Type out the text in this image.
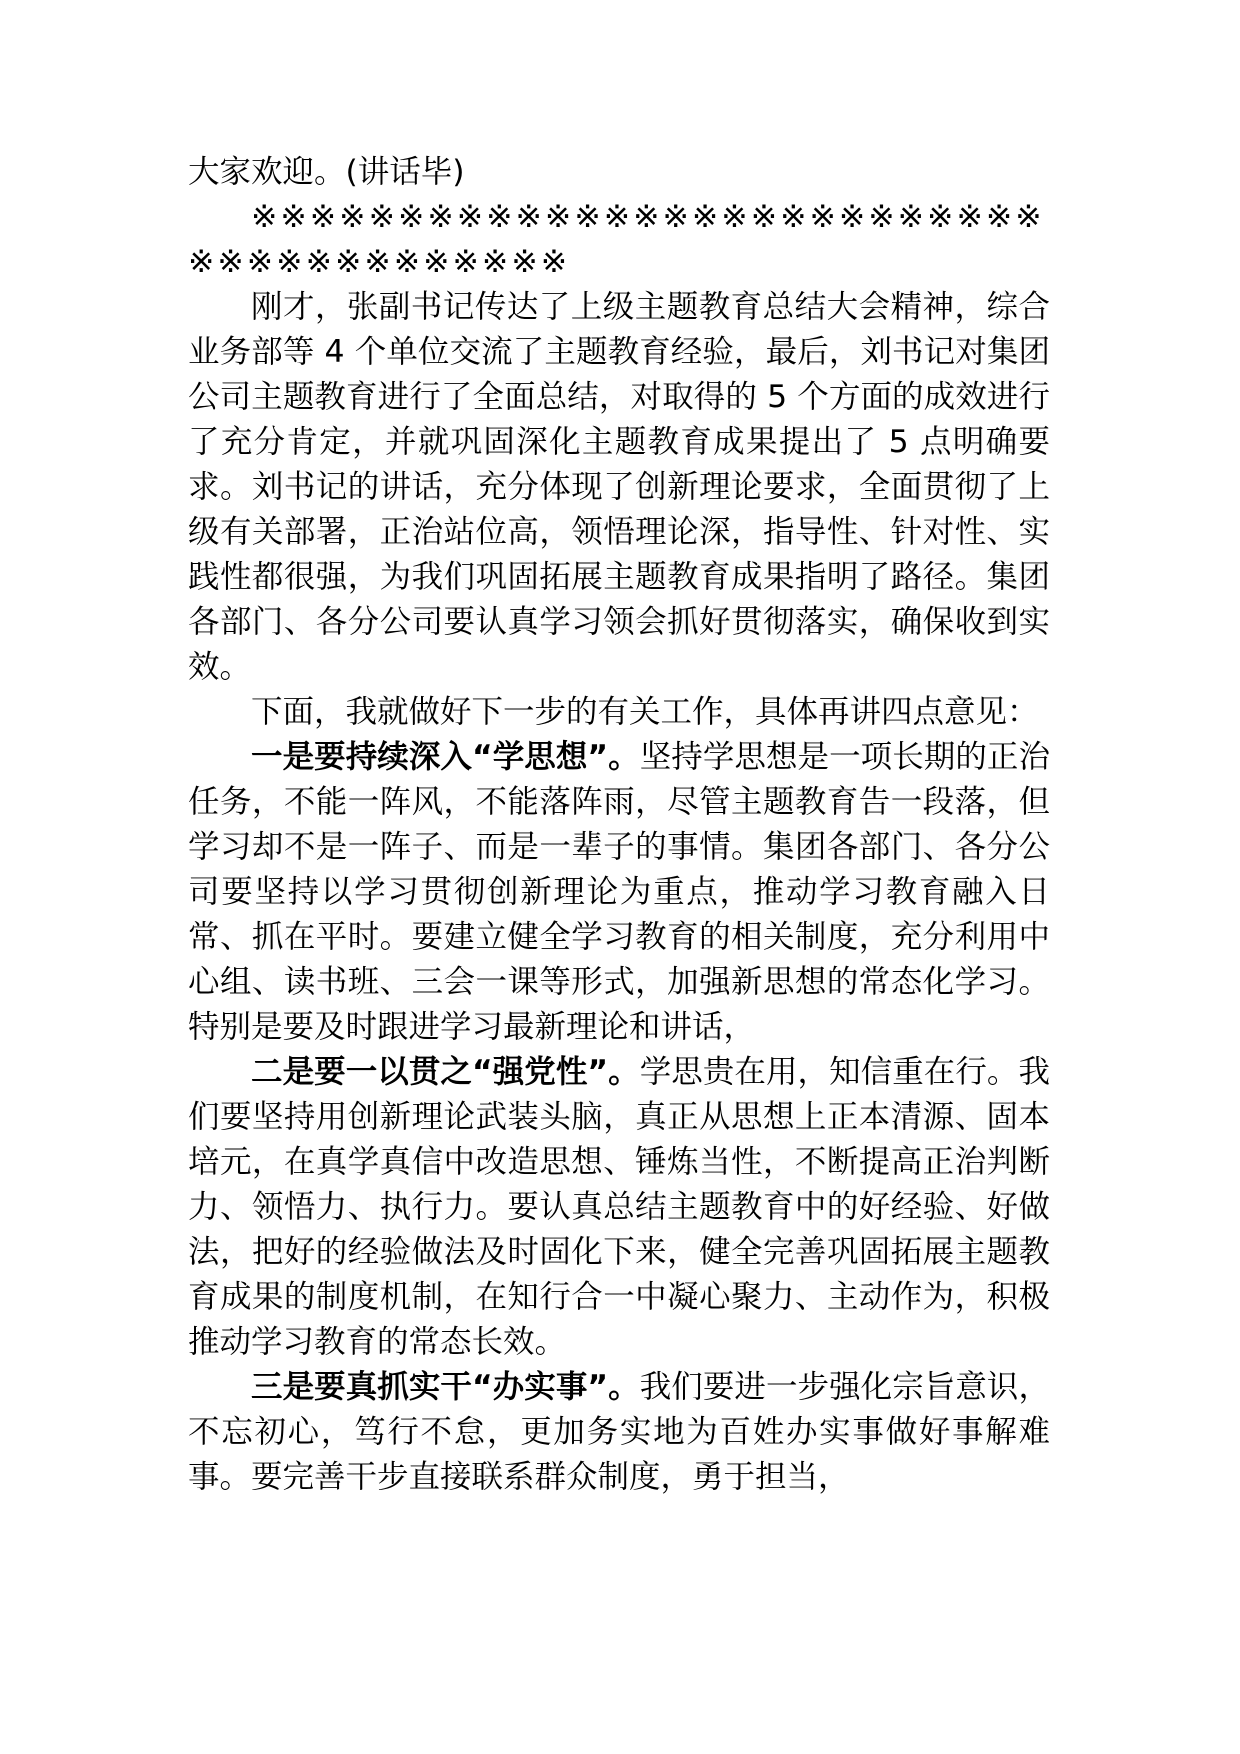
大家欢迎。(讲话毕)

※※※※※※※※※※※※※※※※※※※※※※※※※※※※※※※※※※※※※※※※

刚才，张副书记传达了上级主题教育总结大会精神，综合业务部等 4 个单位交流了主题教育经验，最后，刘书记对集团公司主题教育进行了全面总结，对取得的 5 个方面的成效进行了充分肯定，并就巩固深化主题教育成果提出了 5 点明确要求。刘书记的讲话，充分体现了创新理论要求，全面贯彻了上级有关部署，正治站位高，领悟理论深，指导性、针对性、实践性都很强，为我们巩固拓展主题教育成果指明了路径。集团各部门、各分公司要认真学习领会抓好贯彻落实，确保收到实效。

下面，我就做好下一步的有关工作，具体再讲四点意见：

一是要持续深入“学思想”。坚持学思想是一项长期的正治任务，不能一阵风，不能落阵雨，尽管主题教育告一段落，但学习却不是一阵子、而是一辈子的事情。集团各部门、各分公司要坚持以学习贯彻创新理论为重点，推动学习教育融入日常、抓在平时。要建立健全学习教育的相关制度，充分利用中心组、读书班、三会一课等形式，加强新思想的常态化学习。特别是要及时跟进学习最新理论和讲话，

二是要一以贯之“强党性”。学思贵在用，知信重在行。我们要坚持用创新理论武装头脑，真正从思想上正本清源、固本培元，在真学真信中改造思想、锤炼当性，不断提高正治判断力、领悟力、执行力。要认真总结主题教育中的好经验、好做法，把好的经验做法及时固化下来，健全完善巩固拓展主题教育成果的制度机制，在知行合一中凝心聚力、主动作为，积极推动学习教育的常态长效。

三是要真抓实干“办实事”。我们要进一步强化宗旨意识，不忘初心，笃行不怠，更加务实地为百姓办实事做好事解难事。要完善干步直接联系群众制度，勇于担当，
